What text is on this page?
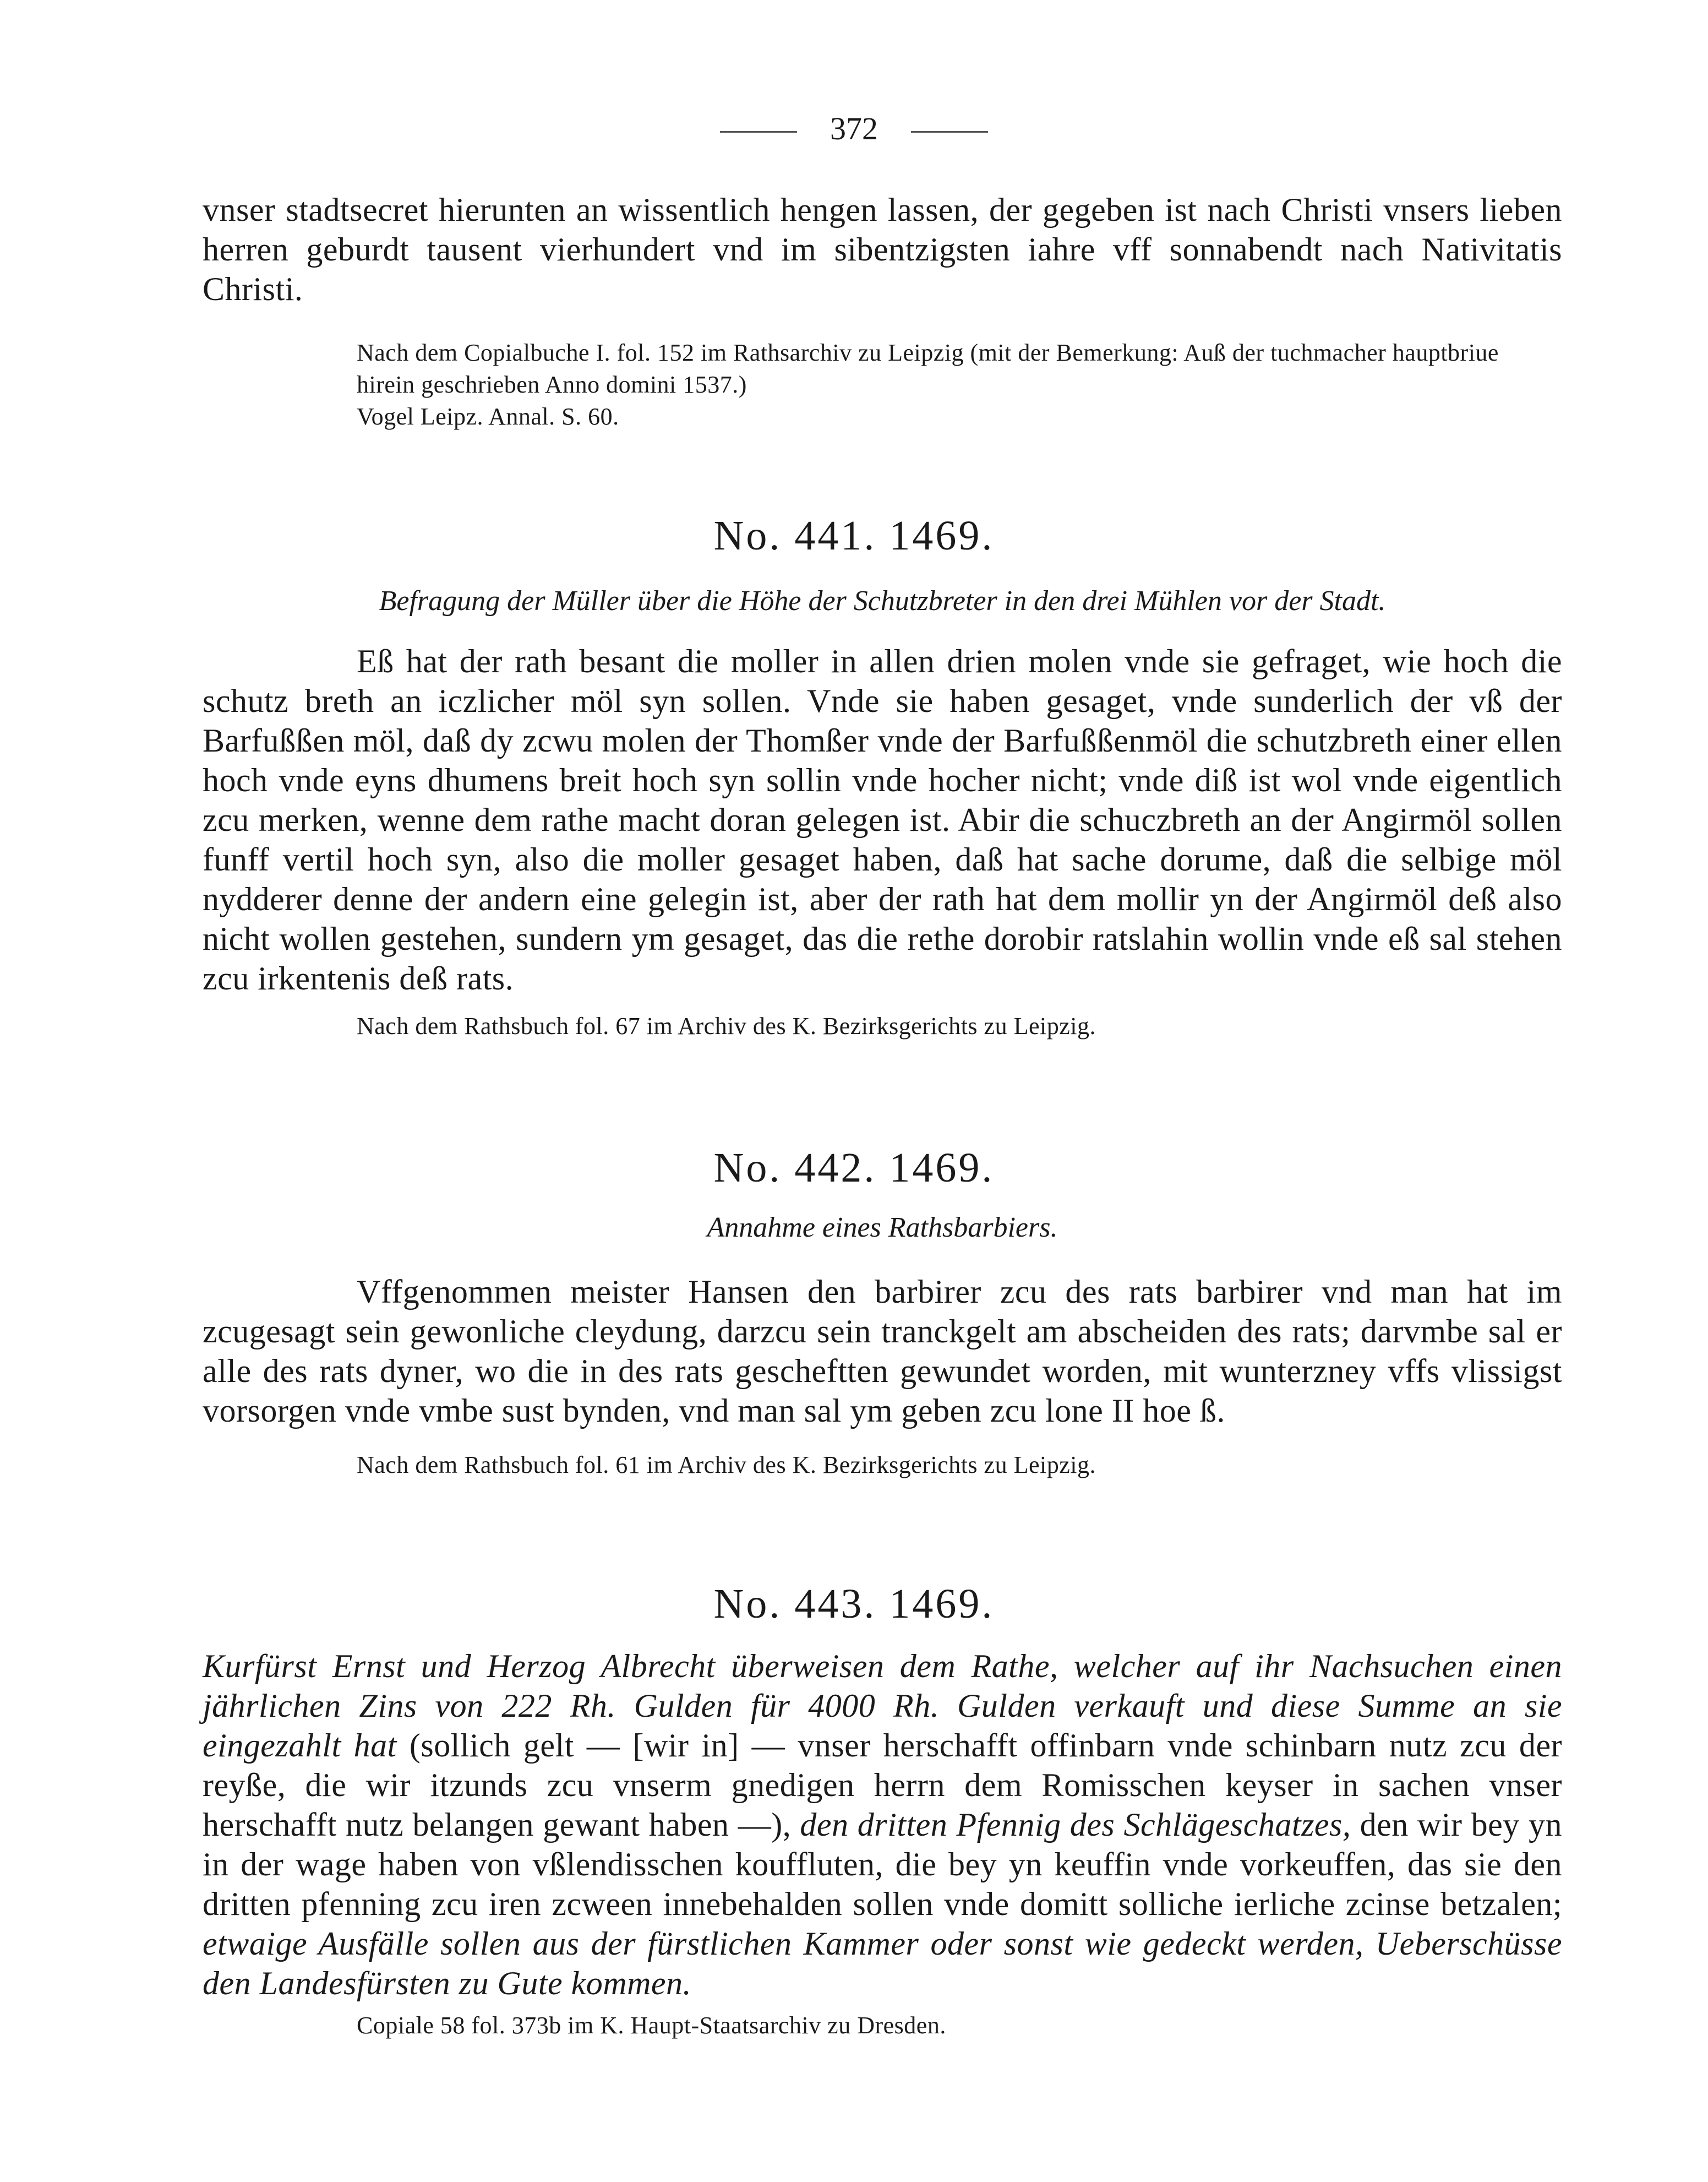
372

vnser stadtsecret hierunten an wissentlich hengen lassen, der gegeben ist nach Christi vnsers lieben herren geburdt tausent vierhundert vnd im sibentzigsten iahre vff sonnabendt nach Nativitatis Christi.

Nach dem Copialbuche I. fol. 152 im Rathsarchiv zu Leipzig (mit der Bemerkung: Auß der tuchmacher hauptbriue hirein geschrieben Anno domini 1537.)

Vogel Leipz. Annal. S. 60.

No. 441. 1469.
Befragung der Müller über die Höhe der Schutzbreter in den drei Mühlen vor der Stadt.

Eß hat der rath besant die moller in allen drien molen vnde sie gefraget, wie hoch die schutz breth an iczlicher möl syn sollen. Vnde sie haben gesaget, vnde sunderlich der vß der Barfußßen möl, daß dy zcwu molen der Thomßer vnde der Barfußßenmöl die schutzbreth einer ellen hoch vnde eyns dhumens breit hoch syn sollin vnde hocher nicht; vnde diß ist wol vnde eigentlich zcu merken, wenne dem rathe macht doran gelegen ist. Abir die schuczbreth an der Angirmöl sollen funff vertil hoch syn, also die moller gesaget haben, daß hat sache dorume, daß die selbige möl nydderer denne der andern eine gelegin ist, aber der rath hat dem mollir yn der Angirmöl deß also nicht wollen gestehen, sundern ym gesaget, das die rethe dorobir ratslahin wollin vnde eß sal stehen zcu irkentenis deß rats.

Nach dem Rathsbuch fol. 67 im Archiv des K. Bezirksgerichts zu Leipzig.

No. 442. 1469.
Annahme eines Rathsbarbiers.

Vffgenommen meister Hansen den barbirer zcu des rats barbirer vnd man hat im zcugesagt sein gewonliche cleydung, darzcu sein tranckgelt am abscheiden des rats; darvmbe sal er alle des rats dyner, wo die in des rats gescheftten gewundet worden, mit wunterzney vffs vlissigst vorsorgen vnde vmbe sust bynden, vnd man sal ym geben zcu lone II hoe ß.

Nach dem Rathsbuch fol. 61 im Archiv des K. Bezirksgerichts zu Leipzig.

No. 443. 1469.

Kurfürst Ernst und Herzog Albrecht überweisen dem Rathe, welcher auf ihr Nachsuchen einen jährlichen Zins von 222 Rh. Gulden für 4000 Rh. Gulden verkauft und diese Summe an sie eingezahlt hat (sollich gelt — [wir in] — vnser herschafft offinbarn vnde schinbarn nutz zcu der reyße, die wir itzunds zcu vnserm gnedigen herrn dem Romisschen keyser in sachen vnser herschafft nutz belangen gewant haben —), den dritten Pfennig des Schlägeschatzes, den wir bey yn in der wage haben von vßlendisschen kouffluten, die bey yn keuffin vnde vorkeuffen, das sie den dritten pfenning zcu iren zcween innebehalden sollen vnde domitt solliche ierliche zcinse betzalen; etwaige Ausfälle sollen aus der fürstlichen Kammer oder sonst wie gedeckt werden, Ueberschüsse den Landesfürsten zu Gute kommen.

Copiale 58 fol. 373b im K. Haupt-Staatsarchiv zu Dresden.
